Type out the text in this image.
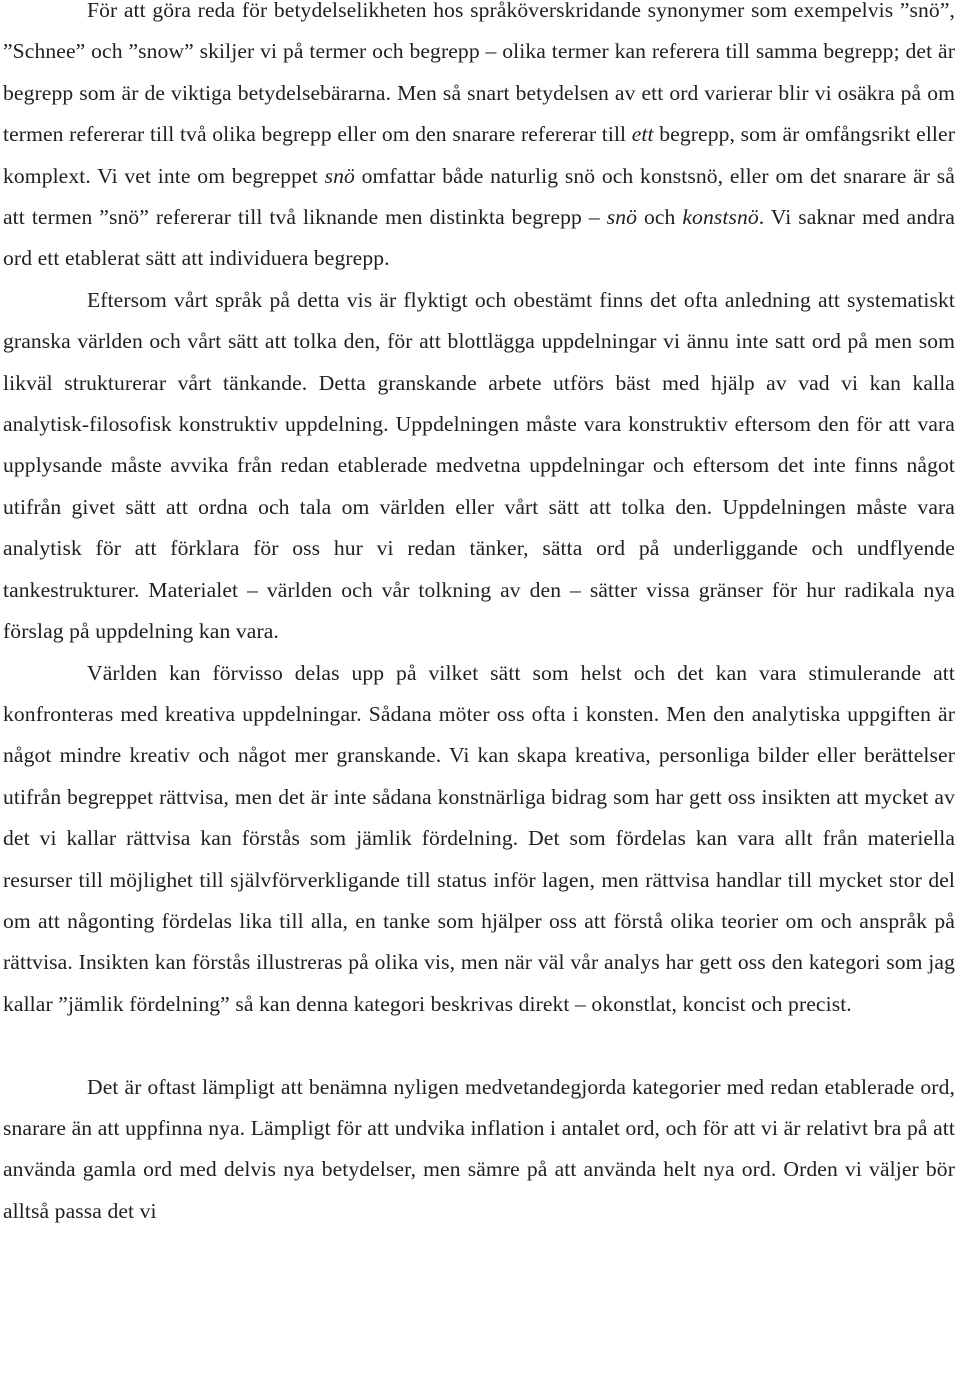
För att göra reda för betydelselikheten hos språköverskridande synonymer som exempelvis ”snö”, ”Schnee” och ”snow” skiljer vi på termer och begrepp – olika termer kan referera till samma begrepp; det är begrepp som är de viktiga betydelsebärarna. Men så snart betydelsen av ett ord varierar blir vi osäkra på om termen refererar till två olika begrepp eller om den snarare refererar till ett begrepp, som är omfångsrikt eller komplext. Vi vet inte om begreppet snö omfattar både naturlig snö och konstsnö, eller om det snarare är så att termen ”snö” refererar till två liknande men distinkta begrepp – snö och konstsnö. Vi saknar med andra ord ett etablerat sätt att individuera begrepp.

Eftersom vårt språk på detta vis är flyktigt och obestämt finns det ofta anledning att systematiskt granska världen och vårt sätt att tolka den, för att blottlägga uppdelningar vi ännu inte satt ord på men som likväl strukturerar vårt tänkande. Detta granskande arbete utförs bäst med hjälp av vad vi kan kalla analytisk-filosofisk konstruktiv uppdelning. Uppdelningen måste vara konstruktiv eftersom den för att vara upplysande måste avvika från redan etablerade medvetna uppdelningar och eftersom det inte finns något utifrån givet sätt att ordna och tala om världen eller vårt sätt att tolka den. Uppdelningen måste vara analytisk för att förklara för oss hur vi redan tänker, sätta ord på underliggande och undflyende tankestrukturer. Materialet – världen och vår tolkning av den – sätter vissa gränser för hur radikala nya förslag på uppdelning kan vara.

Världen kan förvisso delas upp på vilket sätt som helst och det kan vara stimulerande att konfronteras med kreativa uppdelningar. Sådana möter oss ofta i konsten. Men den analytiska uppgiften är något mindre kreativ och något mer granskande. Vi kan skapa kreativa, personliga bilder eller berättelser utifrån begreppet rättvisa, men det är inte sådana konstnärliga bidrag som har gett oss insikten att mycket av det vi kallar rättvisa kan förstås som jämlik fördelning. Det som fördelas kan vara allt från materiella resurser till möjlighet till självförverkligande till status inför lagen, men rättvisa handlar till mycket stor del om att någonting fördelas lika till alla, en tanke som hjälper oss att förstå olika teorier om och anspråk på rättvisa. Insikten kan förstås illustreras på olika vis, men när väl vår analys har gett oss den kategori som jag kallar ”jämlik fördelning” så kan denna kategori beskrivas direkt – okonstlat, koncist och precist.

Det är oftast lämpligt att benämna nyligen medvetandegjorda kategorier med redan etablerade ord, snarare än att uppfinna nya. Lämpligt för att undvika inflation i antalet ord, och för att vi är relativt bra på att använda gamla ord med delvis nya betydelser, men sämre på att använda helt nya ord. Orden vi väljer bör alltså passa det vi
